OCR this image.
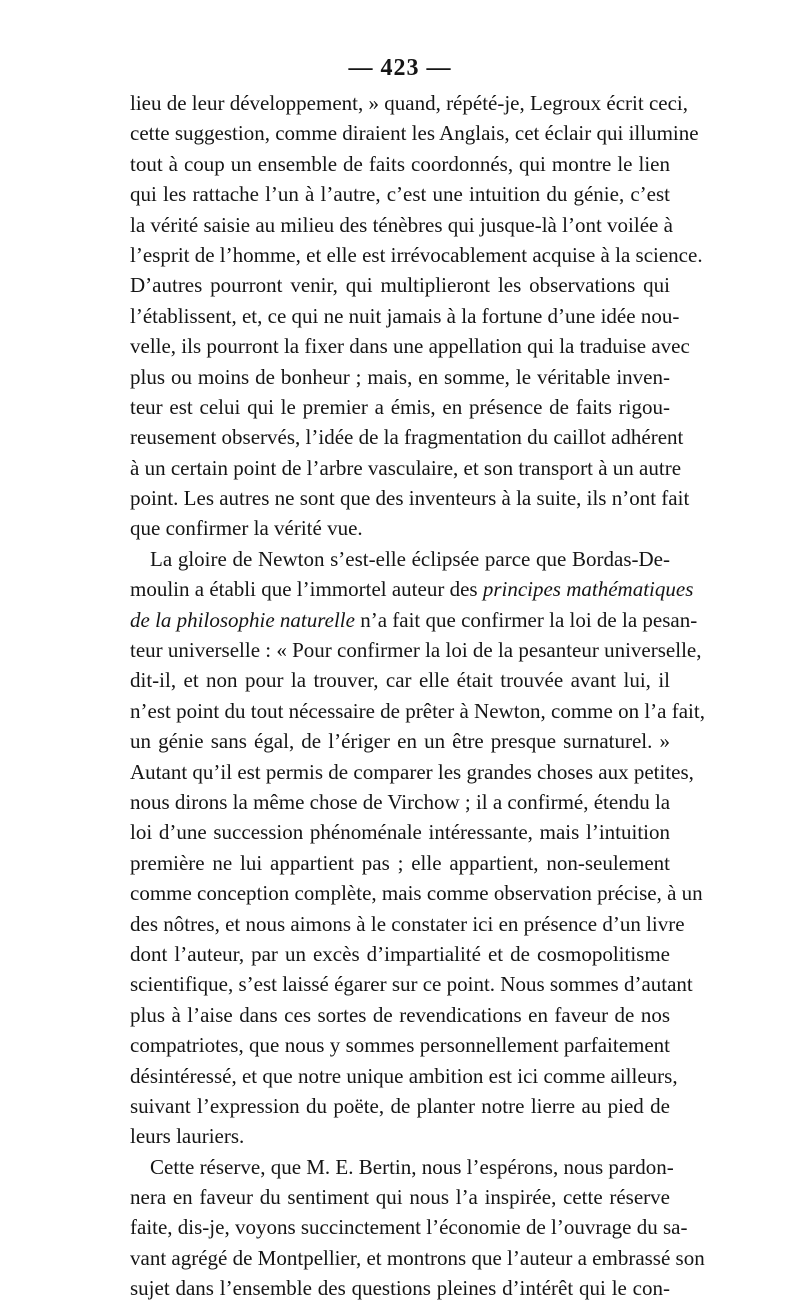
— 423 —
lieu de leur développement, » quand, répété-je, Legroux écrit ceci,
cette suggestion, comme diraient les Anglais, cet éclair qui illumine
tout à coup un ensemble de faits coordonnés, qui montre le lien
qui les rattache l’un à l’autre, c’est une intuition du génie, c’est
la vérité saisie au milieu des ténèbres qui jusque-là l’ont voilée à
l’esprit de l’homme, et elle est irrévocablement acquise à la science.
D’autres pourront venir, qui multiplieront les observations qui
l’établissent, et, ce qui ne nuit jamais à la fortune d’une idée nou-
velle, ils pourront la fixer dans une appellation qui la traduise avec
plus ou moins de bonheur ; mais, en somme, le véritable inven-
teur est celui qui le premier a émis, en présence de faits rigou-
reusement observés, l’idée de la fragmentation du caillot adhérent
à un certain point de l’arbre vasculaire, et son transport à un autre
point. Les autres ne sont que des inventeurs à la suite, ils n’ont fait
que confirmer la vérité vue.
La gloire de Newton s’est-elle éclipsée parce que Bordas-De-
moulin a établi que l’immortel auteur des principes mathématiques
de la philosophie naturelle n’a fait que confirmer la loi de la pesan-
teur universelle : « Pour confirmer la loi de la pesanteur universelle,
dit-il, et non pour la trouver, car elle était trouvée avant lui, il
n’est point du tout nécessaire de prêter à Newton, comme on l’a fait,
un génie sans égal, de l’ériger en un être presque surnaturel. »
Autant qu’il est permis de comparer les grandes choses aux petites,
nous dirons la même chose de Virchow ; il a confirmé, étendu la
loi d’une succession phénoménale intéressante, mais l’intuition
première ne lui appartient pas ; elle appartient, non-seulement
comme conception complète, mais comme observation précise, à un
des nôtres, et nous aimons à le constater ici en présence d’un livre
dont l’auteur, par un excès d’impartialité et de cosmopolitisme
scientifique, s’est laissé égarer sur ce point. Nous sommes d’autant
plus à l’aise dans ces sortes de revendications en faveur de nos
compatriotes, que nous y sommes personnellement parfaitement
désintéressé, et que notre unique ambition est ici comme ailleurs,
suivant l’expression du poëte, de planter notre lierre au pied de
leurs lauriers.
Cette réserve, que M. E. Bertin, nous l’espérons, nous pardon-
nera en faveur du sentiment qui nous l’a inspirée, cette réserve
faite, dis-je, voyons succinctement l’économie de l’ouvrage du sa-
vant agrégé de Montpellier, et montrons que l’auteur a embrassé son
sujet dans l’ensemble des questions pleines d’intérêt qui le con-
